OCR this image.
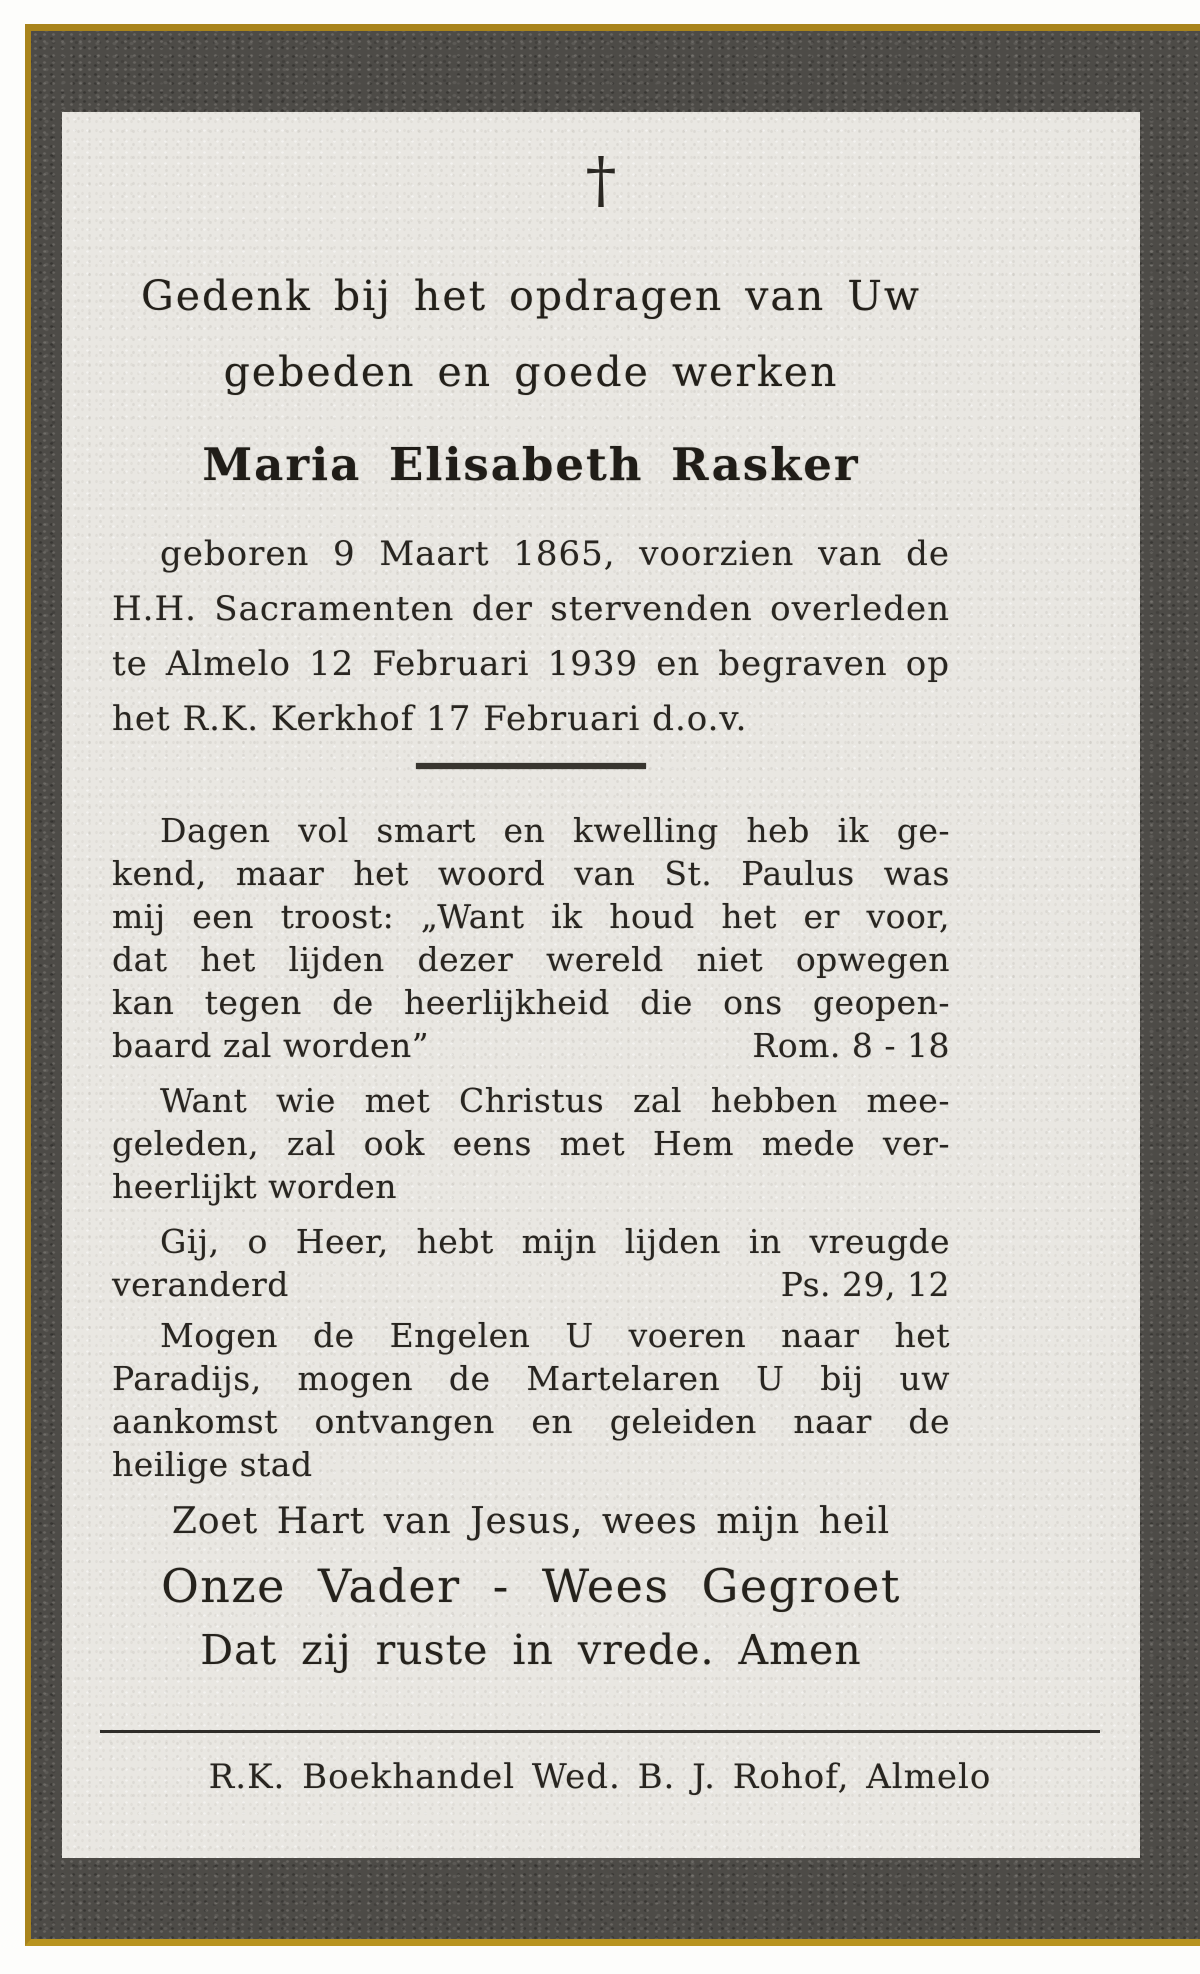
†
Gedenk bij het opdragen van Uw
gebeden en goede werken
Maria Elisabeth Rasker
geboren 9 Maart 1865, voorzien van de
H.H. Sacramenten der stervenden overleden
te Almelo 12 Februari 1939 en begraven op
het R.K. Kerkhof 17 Februari d.o.v.
Dagen vol smart en kwelling heb ik ge-
kend, maar het woord van St. Paulus was
mij een troost: „Want ik houd het er voor,
dat het lijden dezer wereld niet opwegen
kan tegen de heerlijkheid die ons geopen-
baard zal worden”	Rom. 8 - 18
Want wie met Christus zal hebben mee-
geleden, zal ook eens met Hem mede ver-
heerlijkt worden
Gij, o Heer, hebt mijn lijden in vreugde
veranderd	Ps. 29, 12
Mogen de Engelen U voeren naar het
Paradijs, mogen de Martelaren U bij uw
aankomst ontvangen en geleiden naar de
heilige stad
Zoet Hart van Jesus, wees mijn heil
Onze Vader - Wees Gegroet
Dat zij ruste in vrede. Amen
R.K. Boekhandel Wed. B. J. Rohof, Almelo
